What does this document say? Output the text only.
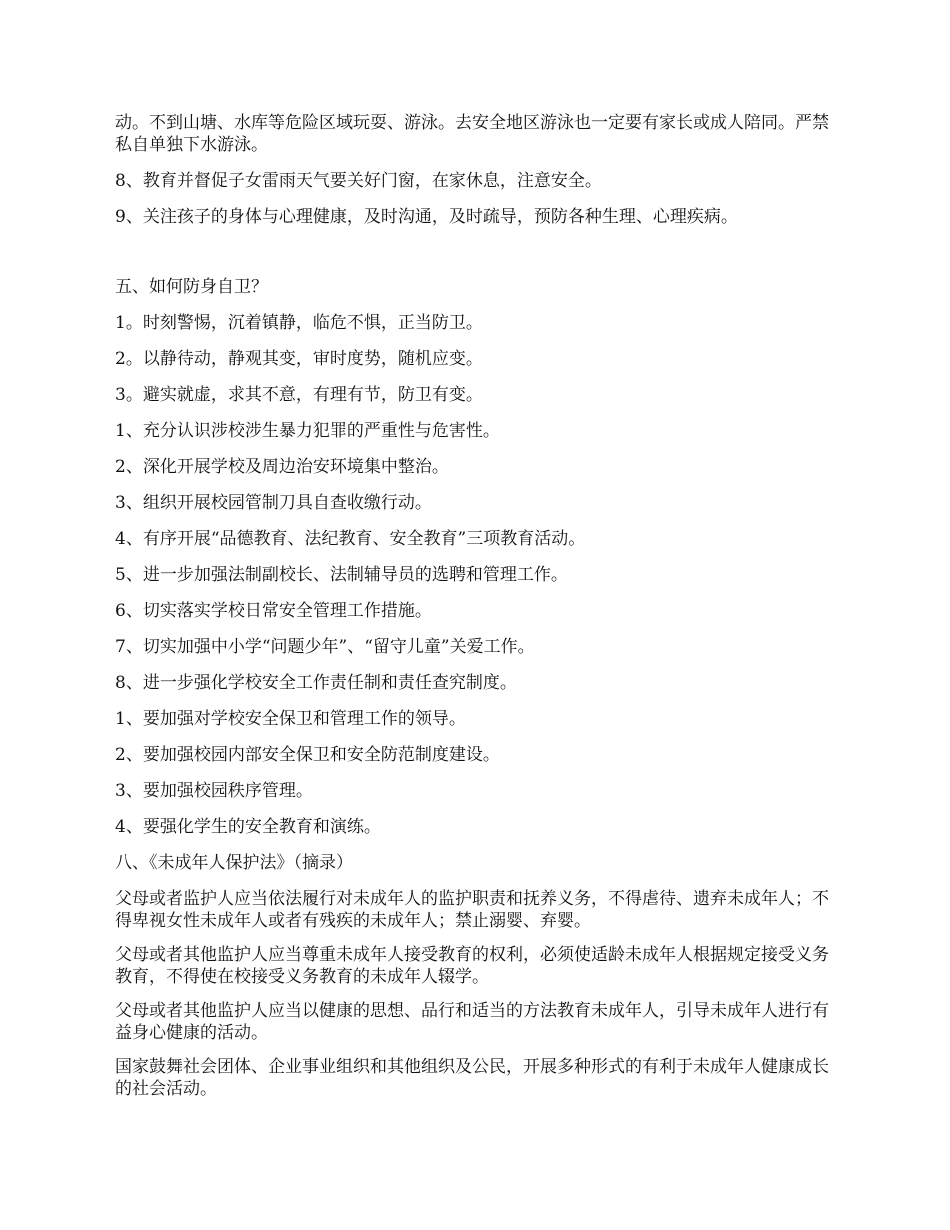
动。不到山塘、水库等危险区域玩耍、游泳。去安全地区游泳也一定要有家长或成人陪同。严禁私自单独下水游泳。

8、教育并督促子女雷雨天气要关好门窗，在家休息，注意安全。

9、关注孩子的身体与心理健康，及时沟通，及时疏导，预防各种生理、心理疾病。

五、如何防身自卫？

1。时刻警惕，沉着镇静，临危不惧，正当防卫。

2。以静待动，静观其变，审时度势，随机应变。

3。避实就虚，求其不意，有理有节，防卫有变。

1、充分认识涉校涉生暴力犯罪的严重性与危害性。

2、深化开展学校及周边治安环境集中整治。

3、组织开展校园管制刀具自查收缴行动。

4、有序开展“品德教育、法纪教育、安全教育”三项教育活动。

5、进一步加强法制副校长、法制辅导员的选聘和管理工作。

6、切实落实学校日常安全管理工作措施。

7、切实加强中小学“问题少年”、“留守儿童”关爱工作。

8、进一步强化学校安全工作责任制和责任查究制度。

1、要加强对学校安全保卫和管理工作的领导。

2、要加强校园内部安全保卫和安全防范制度建设。

3、要加强校园秩序管理。

4、要强化学生的安全教育和演练。

八、《未成年人保护法》（摘录）

父母或者监护人应当依法履行对未成年人的监护职责和抚养义务，不得虐待、遗弃未成年人；不得卑视女性未成年人或者有残疾的未成年人；禁止溺婴、弃婴。

父母或者其他监护人应当尊重未成年人接受教育的权利，必须使适龄未成年人根据规定接受义务教育，不得使在校接受义务教育的未成年人辍学。

父母或者其他监护人应当以健康的思想、品行和适当的方法教育未成年人，引导未成年人进行有益身心健康的活动。

国家鼓舞社会团体、企业事业组织和其他组织及公民，开展多种形式的有利于未成年人健康成长的社会活动。
